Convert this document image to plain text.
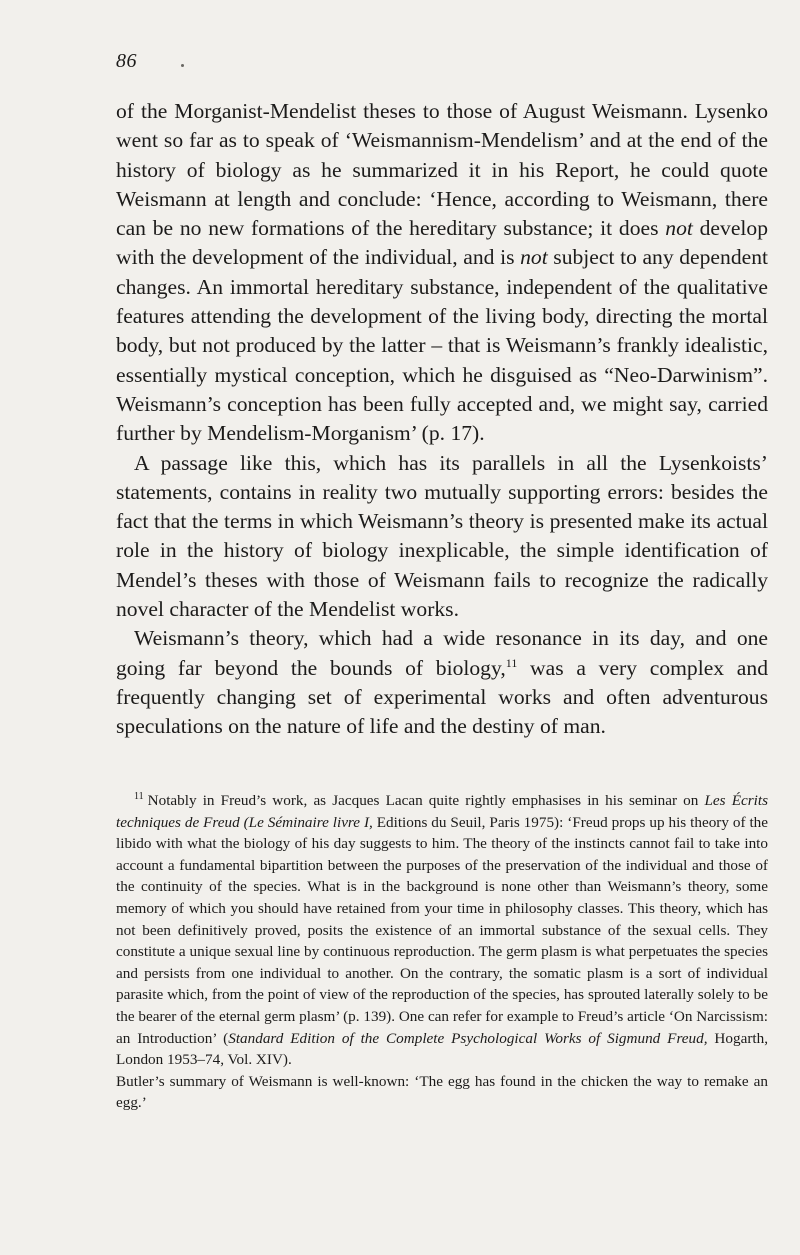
86

of the Morganist-Mendelist theses to those of August Weismann. Lysenko went so far as to speak of ‘Weismannism-Mendelism’ and at the end of the history of biology as he summarized it in his Report, he could quote Weismann at length and conclude: ‘Hence, according to Weismann, there can be no new formations of the hereditary substance; it does not develop with the development of the individual, and is not subject to any dependent changes. An immortal hereditary substance, independent of the qualitative features attending the development of the living body, directing the mortal body, but not produced by the latter – that is Weismann’s frankly idealistic, essentially mystical conception, which he disguised as “Neo-Darwinism”. Weismann’s conception has been fully accepted and, we might say, carried further by Mendelism-Morganism’ (p. 17).

A passage like this, which has its parallels in all the Lysenkoists’ statements, contains in reality two mutually supporting errors: besides the fact that the terms in which Weismann’s theory is presented make its actual role in the history of biology inexplicable, the simple identification of Mendel’s theses with those of Weismann fails to recognize the radically novel character of the Mendelist works.

Weismann’s theory, which had a wide resonance in its day, and one going far beyond the bounds of biology,$^{11}$ was a very complex and frequently changing set of experimental works and often adventurous speculations on the nature of life and the destiny of man.

$^{11}$ Notably in Freud’s work, as Jacques Lacan quite rightly emphasises in his seminar on Les Écrits techniques de Freud (Le Séminaire livre I, Editions du Seuil, Paris 1975): ‘Freud props up his theory of the libido with what the biology of his day suggests to him. The theory of the instincts cannot fail to take into account a fundamental bipartition between the purposes of the preservation of the individual and those of the continuity of the species. What is in the background is none other than Weismann’s theory, some memory of which you should have retained from your time in philosophy classes. This theory, which has not been definitively proved, posits the existence of an immortal substance of the sexual cells. They constitute a unique sexual line by continuous reproduction. The germ plasm is what perpetuates the species and persists from one individual to another. On the contrary, the somatic plasm is a sort of individual parasite which, from the point of view of the reproduction of the species, has sprouted laterally solely to be the bearer of the eternal germ plasm’ (p. 139). One can refer for example to Freud’s article ‘On Narcissism: an Introduction’ (Standard Edition of the Complete Psychological Works of Sigmund Freud, Hogarth, London 1953–74, Vol. XIV).

Butler’s summary of Weismann is well-known: ‘The egg has found in the chicken the way to remake an egg.’
